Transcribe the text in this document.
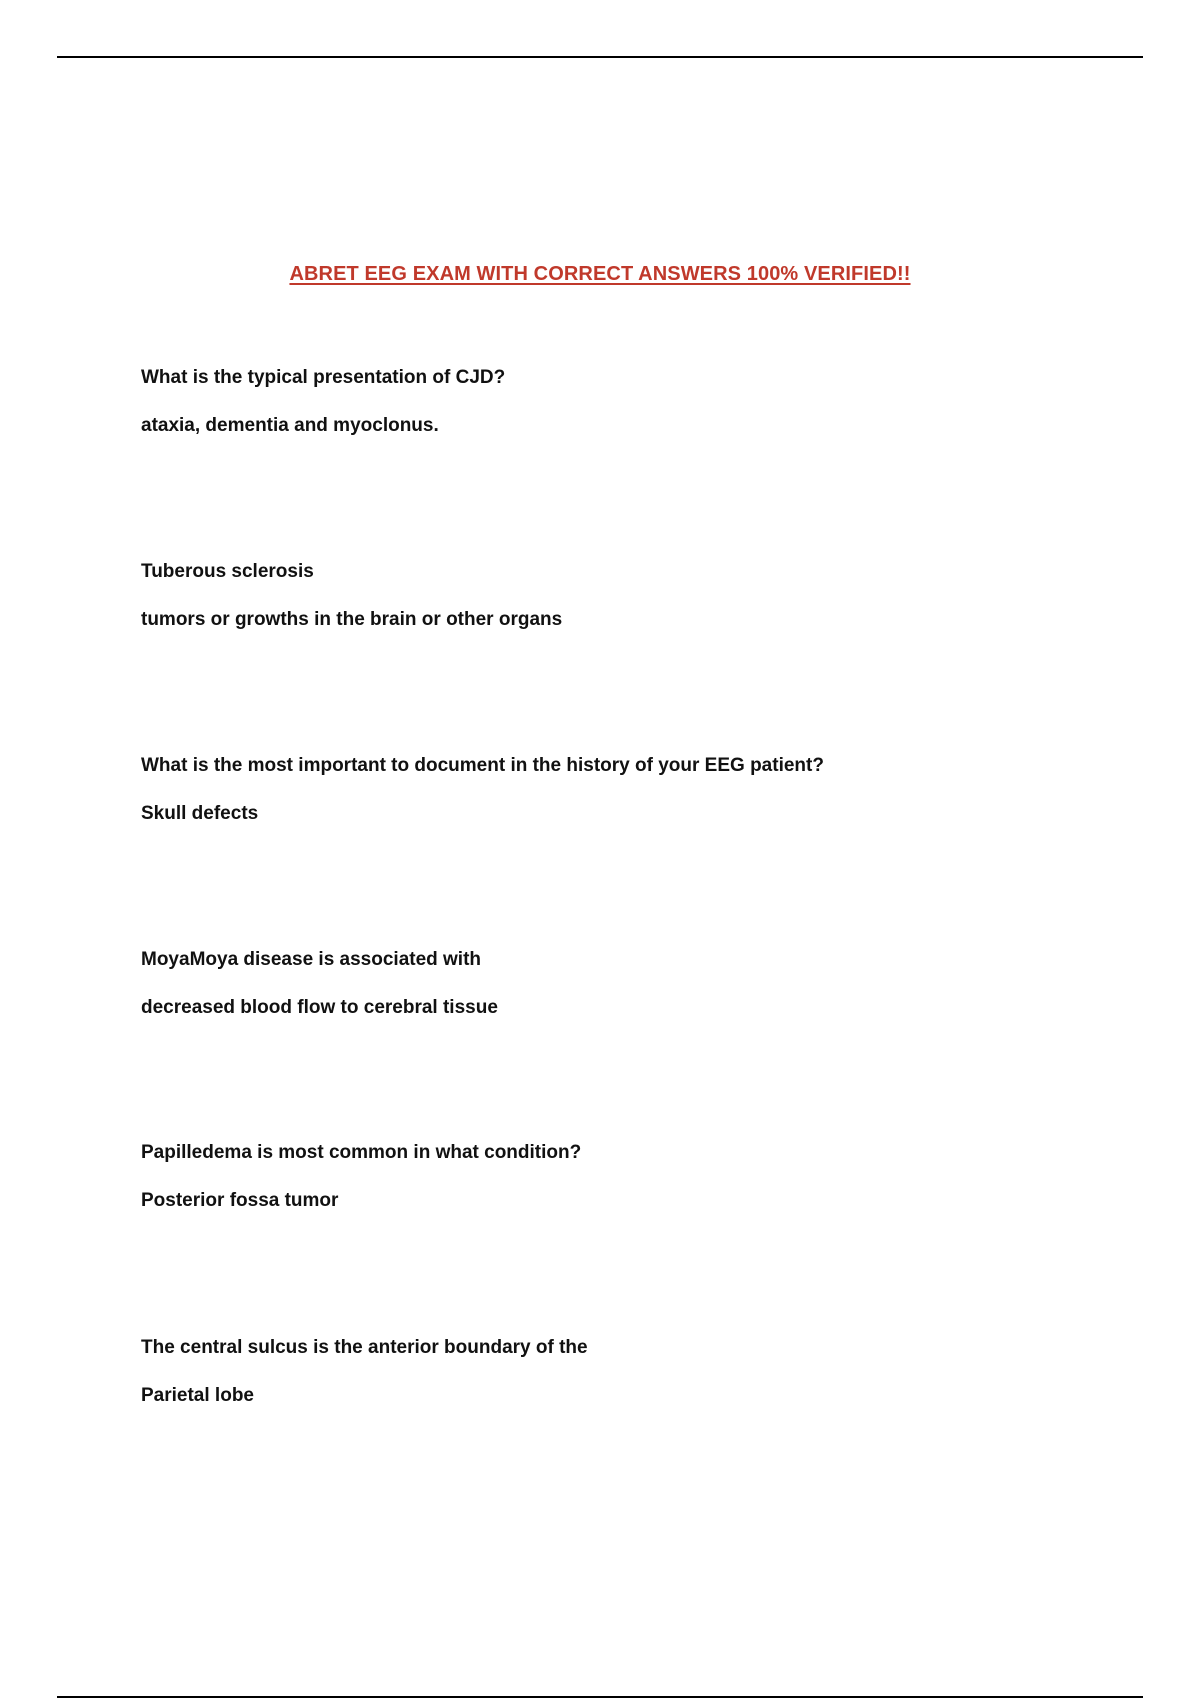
ABRET EEG EXAM WITH CORRECT ANSWERS 100% VERIFIED!!
What is the typical presentation of CJD?
ataxia, dementia and myoclonus.
Tuberous sclerosis
tumors or growths in the brain or other organs
What is the most important to document in the history of your EEG patient?
Skull defects
MoyaMoya disease is associated with
decreased blood flow to cerebral tissue
Papilledema is most common in what condition?
Posterior fossa tumor
The central sulcus is the anterior boundary of the
Parietal lobe
